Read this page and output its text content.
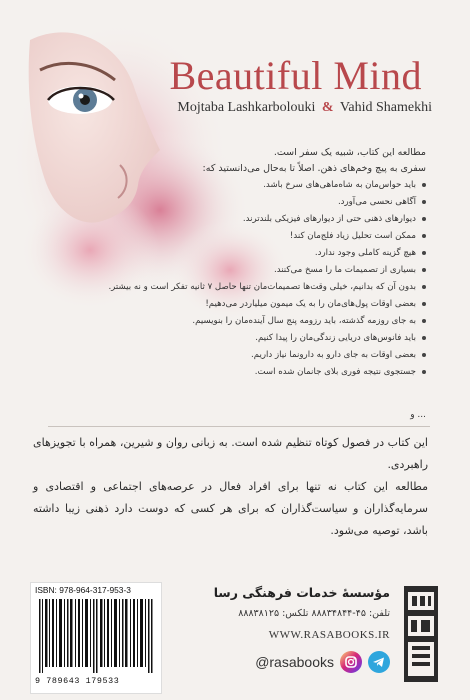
Beautiful Mind
Mojtaba Lashkarbolouki & Vahid Shamekhi
مطالعه این کتاب، شبیه یک سفر است.
سفری به پیچ وخم‌های ذهن. اصلاً تا به‌حال می‌دانستید که:
باید حواس‌مان به شاه‌ماهی‌های سرخ باشد.
آگاهی نحسی می‌آورد.
دیوارهای ذهنی حتی از دیوارهای فیزیکی بلندترند.
ممکن است تحلیل زیاد فلج‌مان کند!
هیچ گزینه کاملی وجود ندارد.
بسیاری از تصمیمات ما را مسخ می‌کنند.
بدون آن که بدانیم، خیلی وقت‌ها تصمیمات‌مان تنها حاصل ۷ ثانیه تفکر است و نه بیشتر.
بعضی اوقات پول‌های‌مان را به یک میمون میلیاردر می‌دهیم!
به جای روزمه گذشته، باید رزومه پنج سال آینده‌مان را بنویسیم.
باید فانوس‌های دریایی زندگی‌مان را پیدا کنیم.
بعضی اوقات به جای دارو به دارونما نیاز داریم.
جستجوی نتیجه فوری بلای جانمان شده است.
و ...

این کتاب در فصول کوتاه تنظیم شده است. به زبانی روان و شیرین، همراه با تجویزهای راهبردی.

مطالعه این کتاب نه تنها برای افراد فعال در عرصه‌های اجتماعی و اقتصادی و سرمایه‌گذاران و سیاست‌گذاران که برای هر کسی که دوست دارد ذهنی زیبا داشته باشد، توصیه می‌شود.

ISBN: 978-964-317-953-3
9 789643 179533
مؤسسهٔ خدمات فرهنگی رسا
تلفن: ۴۵-۸۸۸۳۴۸۴۴ تلکس: ۸۸۸۳۸۱۲۵
WWW.RASABOOKS.IR
@rasabooks
